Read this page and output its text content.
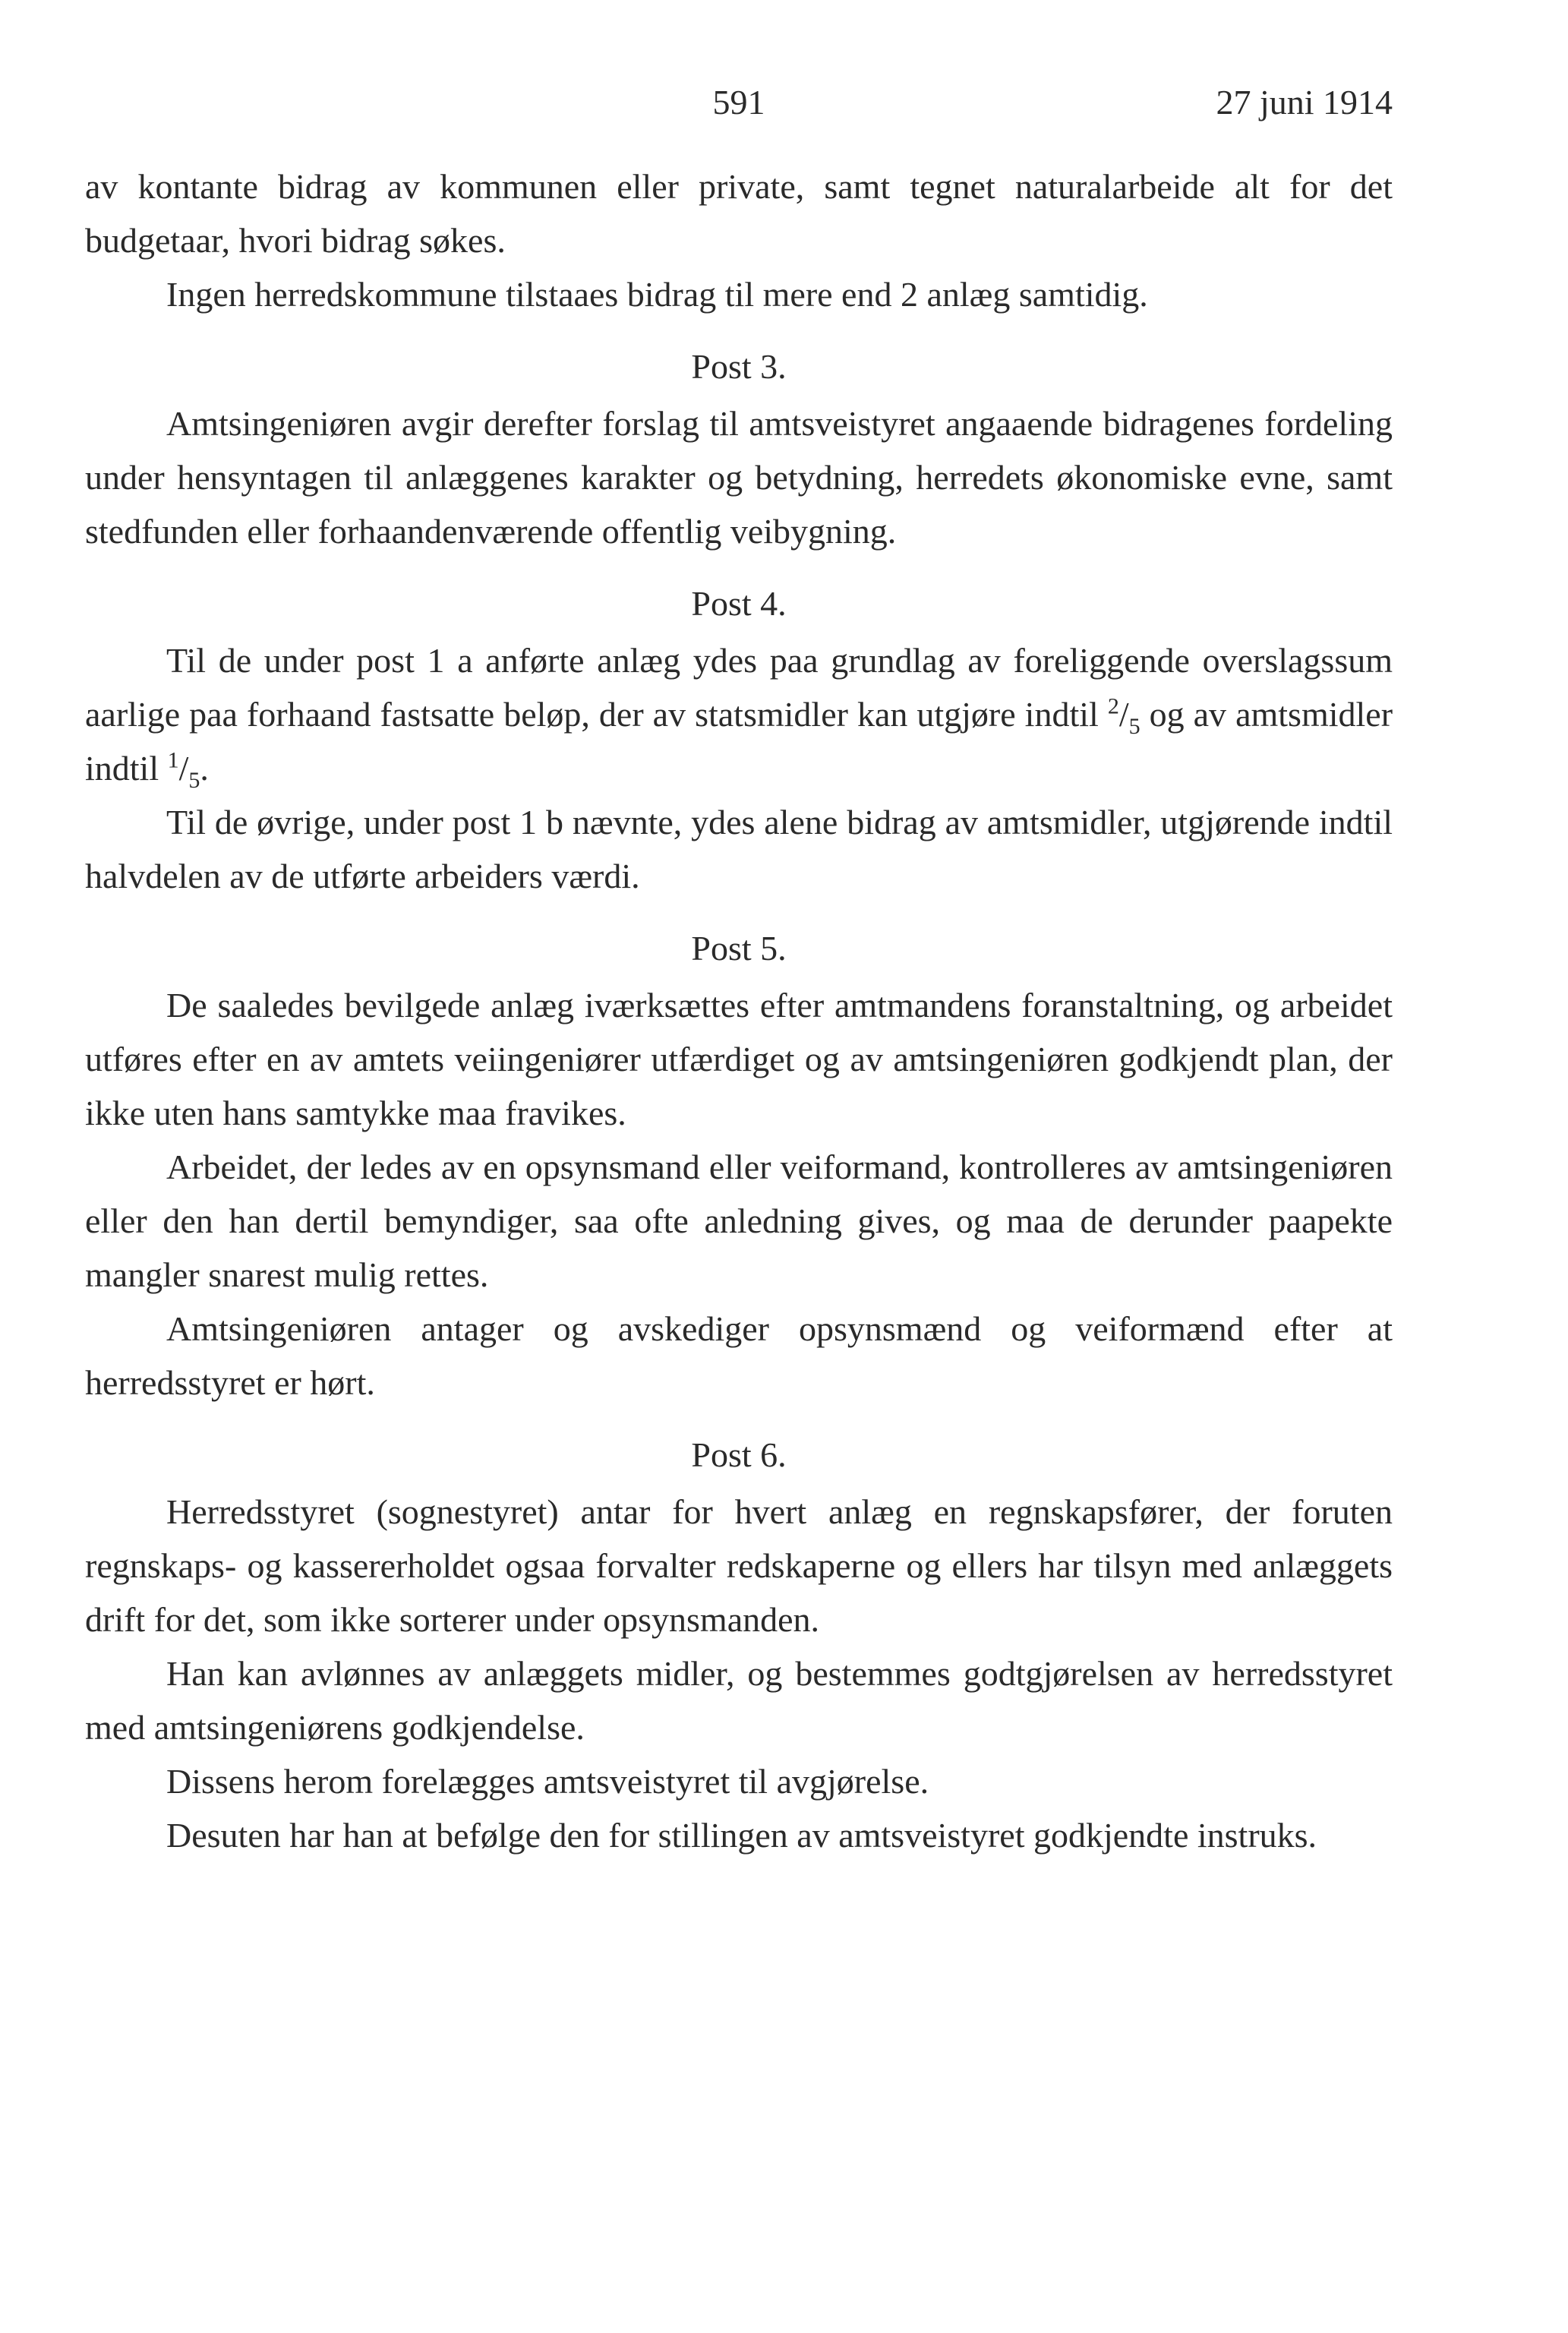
591	27 juni 1914

av kontante bidrag av kommunen eller private, samt tegnet naturalarbeide alt for det budgetaar, hvori bidrag søkes.

Ingen herredskommune tilstaaes bidrag til mere end 2 anlæg samtidig.

Post 3.

Amtsingeniøren avgir derefter forslag til amtsveistyret angaaende bidragenes fordeling under hensyntagen til anlæggenes karakter og betydning, herredets økonomiske evne, samt stedfunden eller forhaandenværende offentlig veibygning.

Post 4.

Til de under post 1 a anførte anlæg ydes paa grundlag av foreliggende overslagssum aarlige paa forhaand fastsatte beløp, der av statsmidler kan utgjøre indtil $^2/_5$ og av amtsmidler indtil $^1/_5$.

Til de øvrige, under post 1 b nævnte, ydes alene bidrag av amtsmidler, utgjørende indtil halvdelen av de utførte arbeiders værdi.

Post 5.

De saaledes bevilgede anlæg iværksættes efter amtmandens foranstaltning, og arbeidet utføres efter en av amtets veiingeniører utfærdiget og av amtsingeniøren godkjendt plan, der ikke uten hans samtykke maa fravikes.

Arbeidet, der ledes av en opsynsmand eller veiformand, kontrolleres av amtsingeniøren eller den han dertil bemyndiger, saa ofte anledning gives, og maa de derunder paapekte mangler snarest mulig rettes.

Amtsingeniøren antager og avskediger opsynsmænd og veiformænd efter at herredsstyret er hørt.

Post 6.

Herredsstyret (sognestyret) antar for hvert anlæg en regnskapsfører, der foruten regnskaps- og kassererholdet ogsaa forvalter redskaperne og ellers har tilsyn med anlæggets drift for det, som ikke sorterer under opsynsmanden.

Han kan avlønnes av anlæggets midler, og bestemmes godtgjørelsen av herredsstyret med amtsingeniørens godkjendelse.

Dissens herom forelægges amtsveistyret til avgjørelse.

Desuten har han at befølge den for stillingen av amtsveistyret godkjendte instruks.
